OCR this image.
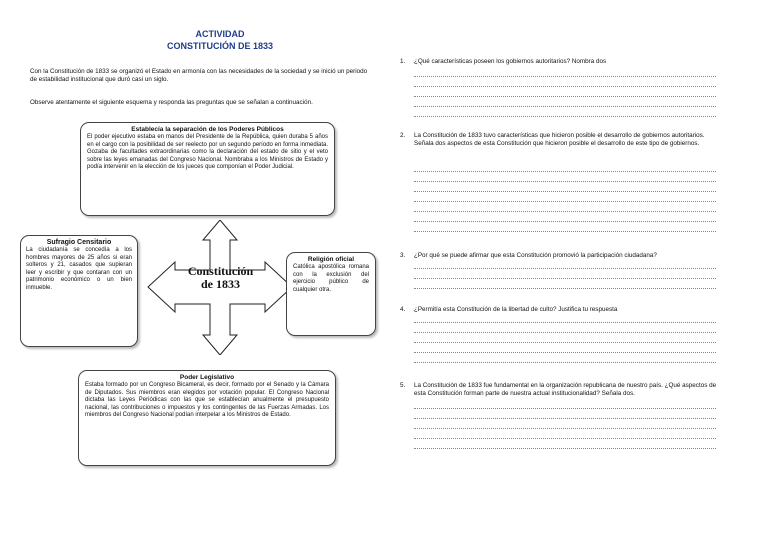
ACTIVIDAD
CONSTITUCIÓN DE 1833
Con la Constitución de 1833 se organizó el Estado en armonía con las necesidades de la sociedad y se inició un periodo de estabilidad institucional que duró casi un siglo.
Observe atentamente el siguiente esquema y responda las preguntas que se señalan a continuación.
Constitución
de 1833
Establecía la separación de los Poderes Públicos
El poder ejecutivo estaba en manos del Presidente de la República, quien duraba 5 años en el cargo con la posibilidad de ser reelecto por un segundo período en forma inmediata. Gozaba de facultades extraordinarias como la declaración del estado de sitio y el veto sobre las leyes emanadas del Congreso Nacional. Nombraba a los Ministros de Estado y podía intervenir en la elección de los jueces que componían el Poder Judicial.
Sufragio Censitario
La ciudadanía se concedía a los hombres mayores de 25 años si eran solteros y 21, casados que supieran leer y escribir y que contaran con un patrimonio económico o un bien inmueble.
Religión oficial
Católica apostólica romana con la exclusión del ejercicio público de cualquier otra.
Poder Legislativo
Estaba formado por un Congreso Bicameral, es decir, formado por el Senado y la Cámara de Diputados. Sus miembros eran elegidos por votación popular. El Congreso Nacional dictaba las Leyes Periódicas con las que se establecían anualmente el presupuesto nacional, las contribuciones o impuestos y los contingentes de las Fuerzas Armadas. Los miembros del Congreso Nacional podían interpelar a los Ministros de Estado.
1. ¿Qué características poseen los gobiernos autoritarios? Nombra dos
2. La Constitución de 1833 tuvo características que hicieron posible el desarrollo de gobiernos autoritarios. Señala dos aspectos de esta Constitución que hicieron posible el desarrollo de este tipo de gobiernos.
3. ¿Por qué se puede afirmar que esta Constitución promovió la participación ciudadana?
4. ¿Permitía esta Constitución de la libertad de culto? Justifica tu respuesta
5. La Constitución de 1833 fue fundamental en la organización republicana de nuestro país. ¿Qué aspectos de esta Constitución forman parte de nuestra actual institucionalidad? Señala dos.
